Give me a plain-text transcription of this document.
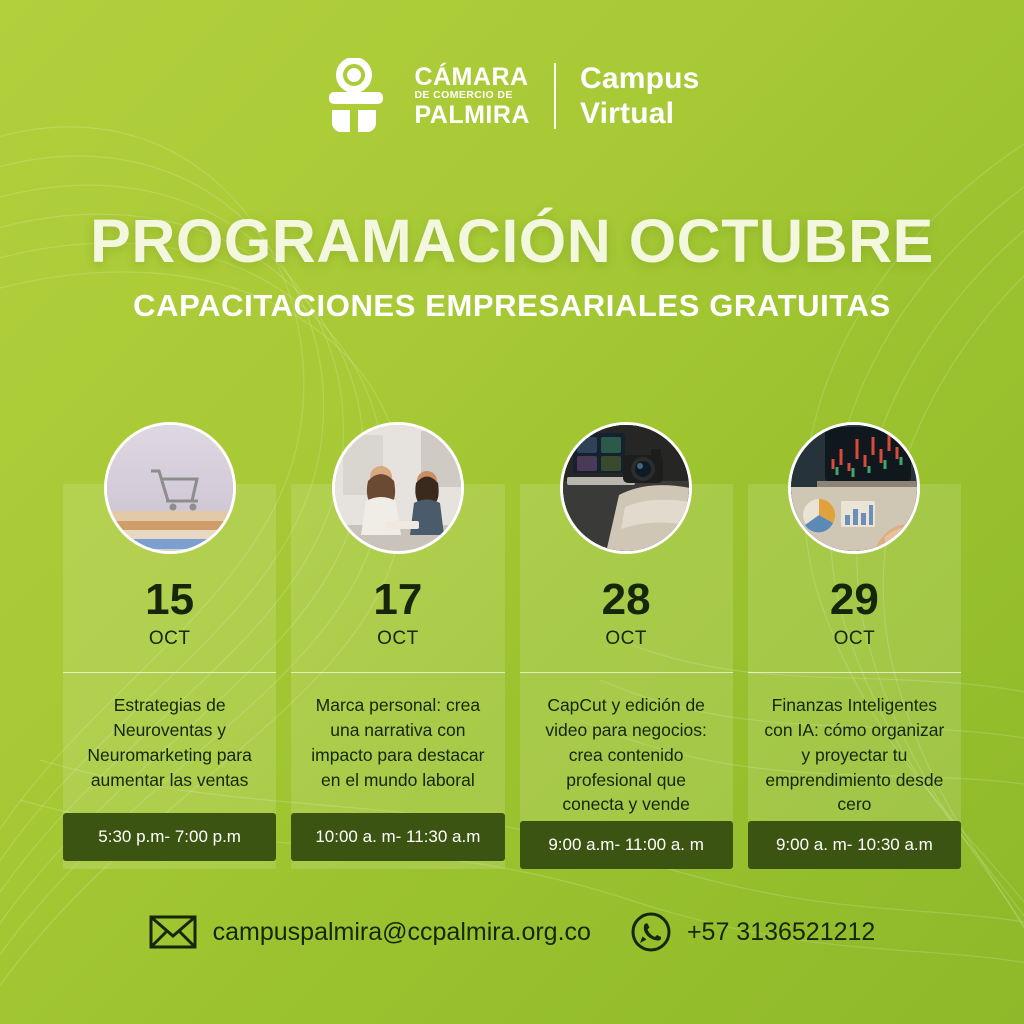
CÁMARA
DE COMERCIO DE
PALMIRA
Campus
Virtual
PROGRAMACIÓN OCTUBRE
CAPACITACIONES EMPRESARIALES GRATUITAS
15
OCT
Estrategias de Neuroventas y Neuromarketing para aumentar las ventas
5:30 p.m- 7:00 p.m
17
OCT
Marca personal: crea una narrativa con impacto para destacar en el mundo laboral
10:00 a. m- 11:30 a.m
28
OCT
CapCut y edición de video para negocios: crea contenido profesional que conecta y vende
9:00 a.m- 11:00 a. m
29
OCT
Finanzas Inteligentes con IA: cómo organizar y proyectar tu emprendimiento desde cero
9:00 a. m- 10:30 a.m
campuspalmira@ccpalmira.org.co	+57 3136521212
